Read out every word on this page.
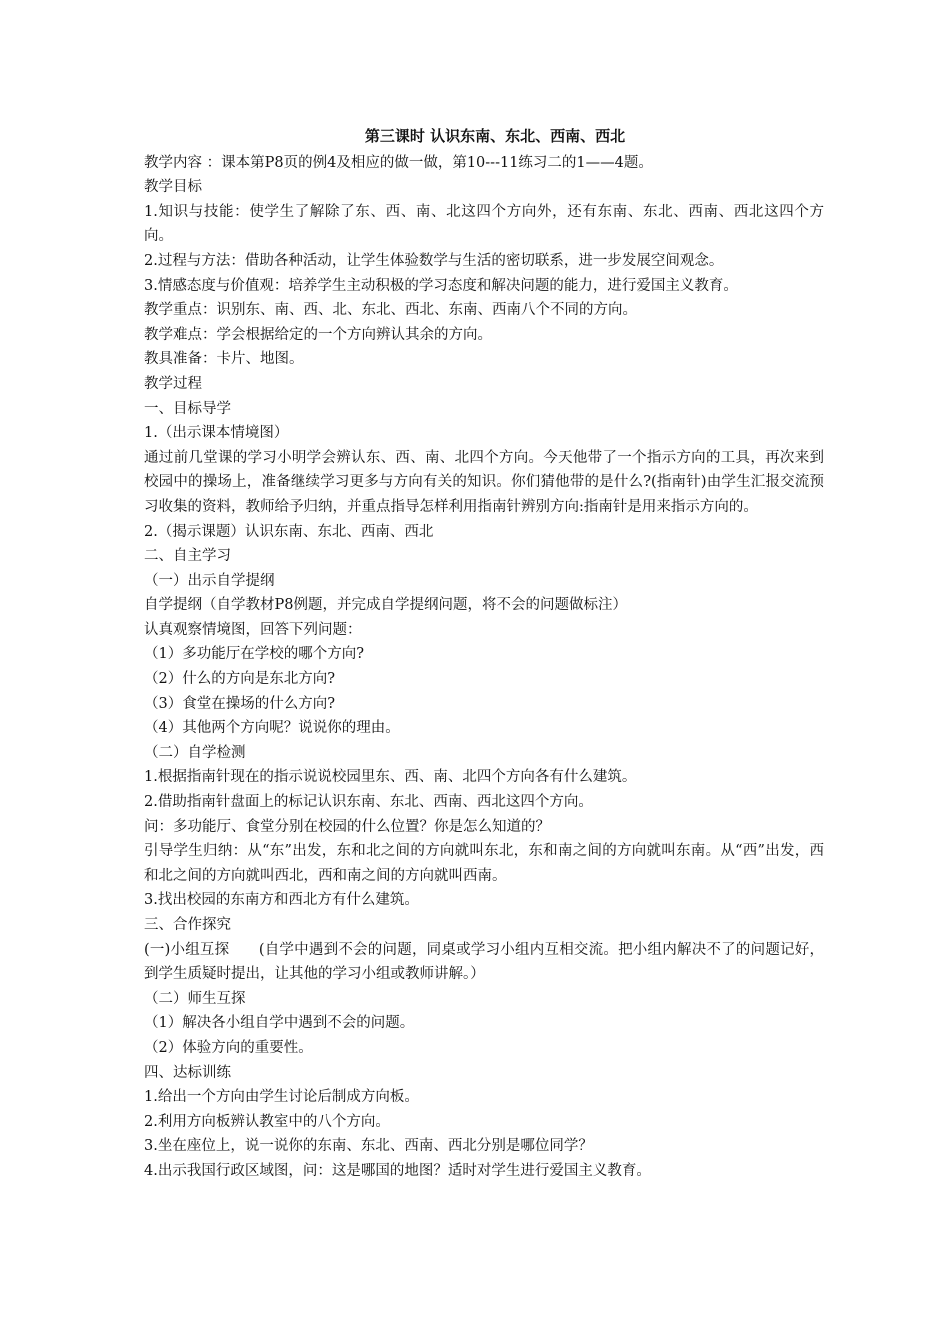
第三课时 认识东南、东北、西南、西北

教学内容 ：课本第P8页的例4及相应的做一做，第10---11练习二的1——4题。

教学目标

1.知识与技能：使学生了解除了东、西、南、北这四个方向外，还有东南、东北、西南、西北这四个方向。

2.过程与方法：借助各种活动，让学生体验数学与生活的密切联系，进一步发展空间观念。

3.情感态度与价值观：培养学生主动积极的学习态度和解决问题的能力，进行爱国主义教育。

教学重点：识别东、南、西、北、东北、西北、东南、西南八个不同的方向。

教学难点：学会根据给定的一个方向辨认其余的方向。

教具准备：卡片、地图。

教学过程

一、目标导学

1.（出示课本情境图）

通过前几堂课的学习小明学会辨认东、西、南、北四个方向。今天他带了一个指示方向的工具，再次来到校园中的操场上，准备继续学习更多与方向有关的知识。你们猜他带的是什么?(指南针)由学生汇报交流预习收集的资料，教师给予归纳，并重点指导怎样利用指南针辨别方向:指南针是用来指示方向的。

2.（揭示课题）认识东南、东北、西南、西北

二、自主学习

（一）出示自学提纲

自学提纲（自学教材P8例题，并完成自学提纲问题，将不会的问题做标注）

认真观察情境图，回答下列问题：

（1）多功能厅在学校的哪个方向?

（2）什么的方向是东北方向?

（3）食堂在操场的什么方向?

（4）其他两个方向呢？说说你的理由。

（二）自学检测

1.根据指南针现在的指示说说校园里东、西、南、北四个方向各有什么建筑。

2.借助指南针盘面上的标记认识东南、东北、西南、西北这四个方向。

问：多功能厅、食堂分别在校园的什么位置？你是怎么知道的？

引导学生归纳：从“东”出发，东和北之间的方向就叫东北，东和南之间的方向就叫东南。从“西”出发，西和北之间的方向就叫西北，西和南之间的方向就叫西南。

3.找出校园的东南方和西北方有什么建筑。

三、合作探究

(一)小组互探　　(自学中遇到不会的问题，同桌或学习小组内互相交流。把小组内解决不了的问题记好，到学生质疑时提出，让其他的学习小组或教师讲解。）

（二）师生互探

（1）解决各小组自学中遇到不会的问题。

（2）体验方向的重要性。

四、达标训练

1.给出一个方向由学生讨论后制成方向板。

2.利用方向板辨认教室中的八个方向。

3.坐在座位上，说一说你的东南、东北、西南、西北分别是哪位同学？

4.出示我国行政区域图，问：这是哪国的地图？适时对学生进行爱国主义教育。
